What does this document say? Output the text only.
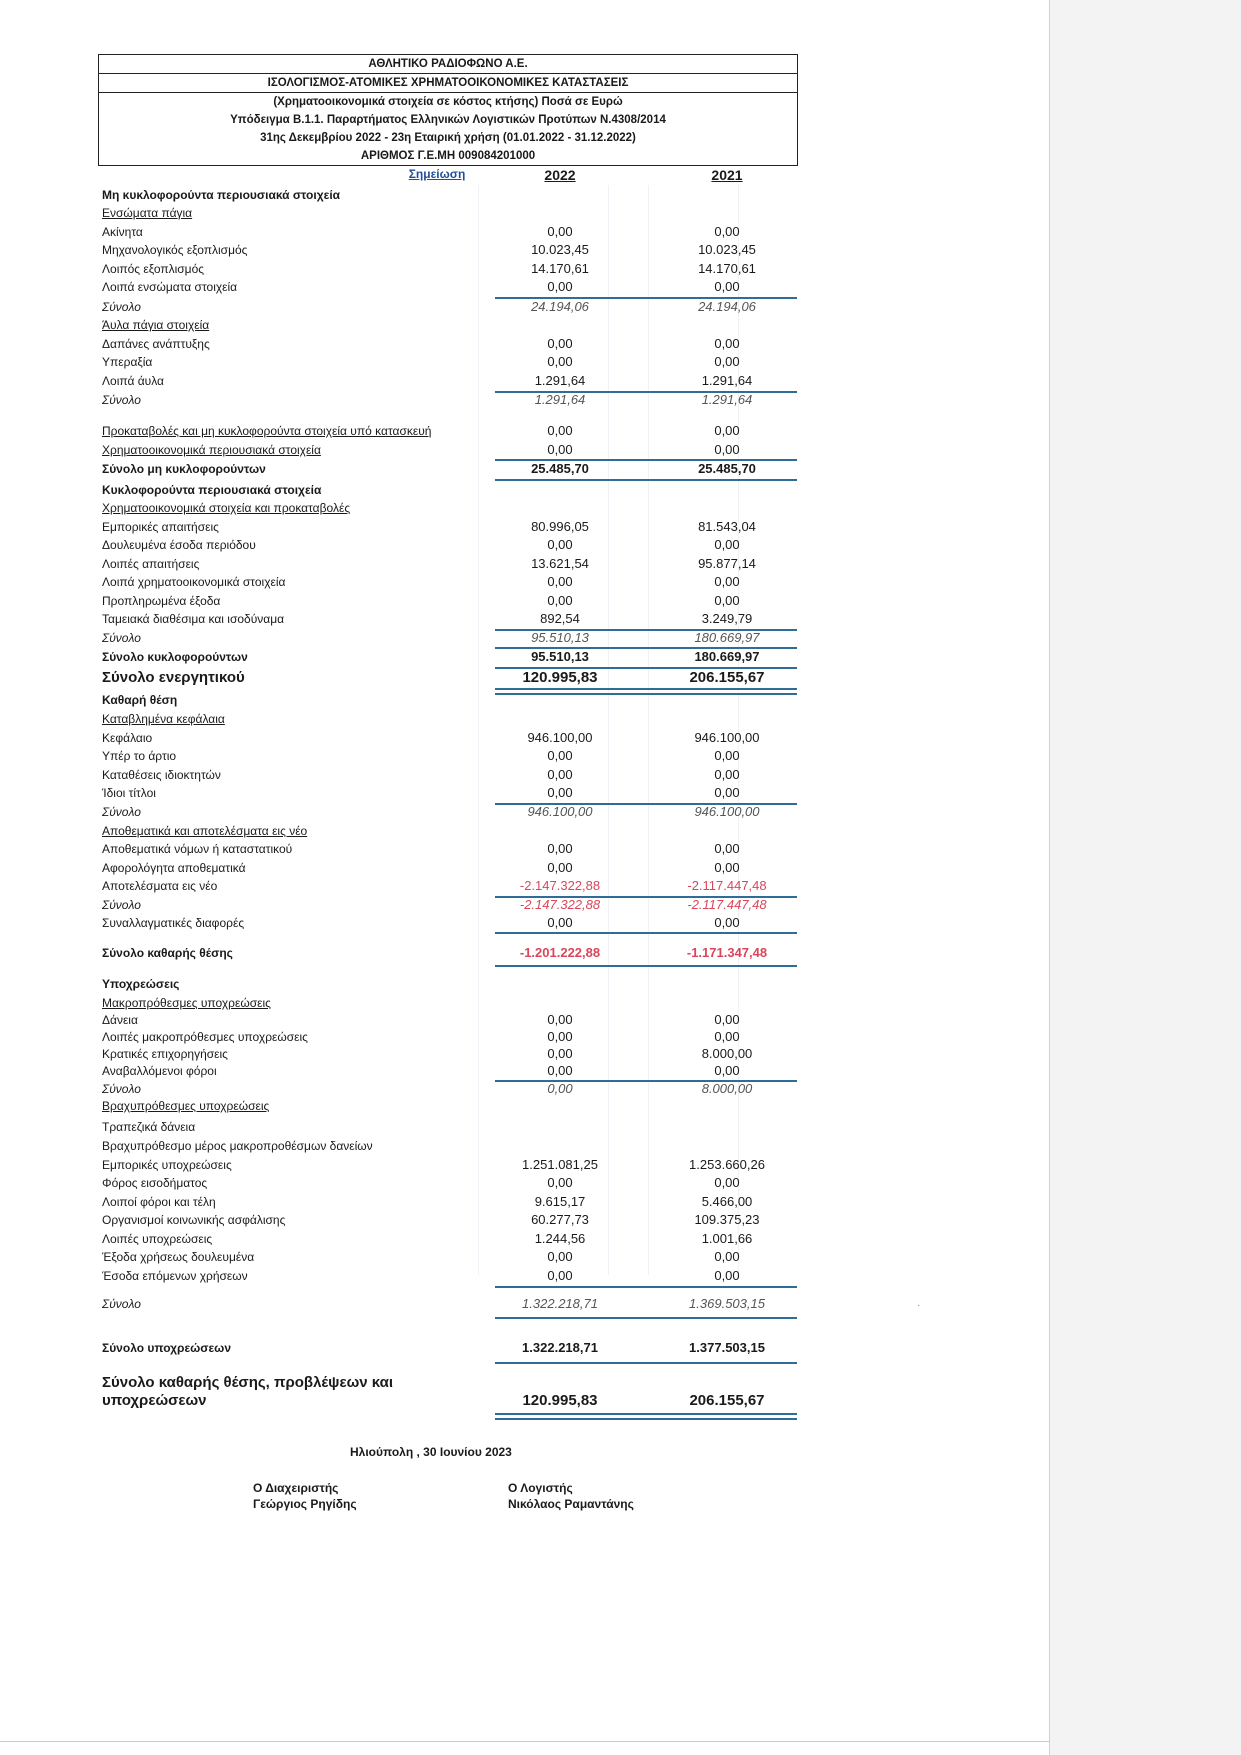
·
ΑΘΛΗΤΙΚΟ ΡΑΔΙΟΦΩΝΟ Α.Ε.
ΙΣΟΛΟΓΙΣΜΟΣ-ΑΤΟΜΙΚΕΣ ΧΡΗΜΑΤΟΟΙΚΟΝΟΜΙΚΕΣ ΚΑΤΑΣΤΑΣΕΙΣ
(Χρηματοοικονομικά στοιχεία σε κόστος κτήσης) Ποσά σε Ευρώ
Υπόδειγμα Β.1.1. Παραρτήματος Ελληνικών Λογιστικών Προτύπων Ν.4308/2014
31ης Δεκεμβρίου 2022 - 23η Εταιρική χρήση (01.01.2022 - 31.12.2022)
ΑΡΙΘΜΟΣ Γ.Ε.ΜΗ 009084201000
Σημείωση	2022	2021
Μη κυκλοφορούντα περιουσιακά στοιχεία
Ενσώματα πάγια
Ακίνητα	0,00	0,00
Μηχανολογικός εξοπλισμός	10.023,45	10.023,45
Λοιπός εξοπλισμός	14.170,61	14.170,61
Λοιπά ενσώματα στοιχεία	0,00	0,00
Σύνολο	24.194,06	24.194,06
Άυλα πάγια στοιχεία
Δαπάνες ανάπτυξης	0,00	0,00
Υπεραξία	0,00	0,00
Λοιπά άυλα	1.291,64	1.291,64
Σύνολο	1.291,64	1.291,64
Προκαταβολές και μη κυκλοφορούντα στοιχεία υπό κατασκευή	0,00	0,00
Χρηματοοικονομικά περιουσιακά στοιχεία	0,00	0,00
Σύνολο μη κυκλοφορούντων	25.485,70	25.485,70
Κυκλοφορούντα περιουσιακά στοιχεία
Χρηματοοικονομικά στοιχεία και προκαταβολές
Εμπορικές απαιτήσεις	80.996,05	81.543,04
Δουλευμένα έσοδα περιόδου	0,00	0,00
Λοιπές απαιτήσεις	13.621,54	95.877,14
Λοιπά χρηματοοικονομικά στοιχεία	0,00	0,00
Προπληρωμένα έξοδα	0,00	0,00
Ταμειακά διαθέσιμα και ισοδύναμα	892,54	3.249,79
Σύνολο	95.510,13	180.669,97
Σύνολο κυκλοφορούντων	95.510,13	180.669,97
Σύνολο ενεργητικού	120.995,83	206.155,67
Καθαρή θέση
Καταβλημένα κεφάλαια
Κεφάλαιο	946.100,00	946.100,00
Υπέρ το άρτιο	0,00	0,00
Καταθέσεις ιδιοκτητών	0,00	0,00
Ίδιοι τίτλοι	0,00	0,00
Σύνολο	946.100,00	946.100,00
Αποθεματικά και αποτελέσματα εις νέο
Αποθεματικά νόμων ή καταστατικού	0,00	0,00
Αφορολόγητα αποθεματικά	0,00	0,00
Αποτελέσματα εις νέο	-2.147.322,88	-2.117.447,48
Σύνολο	-2.147.322,88	-2.117.447,48
Συναλλαγματικές διαφορές	0,00	0,00
Σύνολο καθαρής θέσης	-1.201.222,88	-1.171.347,48
Υποχρεώσεις
Μακροπρόθεσμες υποχρεώσεις
Δάνεια	0,00	0,00
Λοιπές μακροπρόθεσμες υποχρεώσεις	0,00	0,00
Κρατικές επιχορηγήσεις	0,00	8.000,00
Αναβαλλόμενοι φόροι	0,00	0,00
Σύνολο	0,00	8.000,00
Βραχυπρόθεσμες υποχρεώσεις
Τραπεζικά δάνεια
Βραχυπρόθεσμο μέρος μακροπροθέσμων δανείων
Εμπορικές υποχρεώσεις	1.251.081,25	1.253.660,26
Φόρος εισοδήματος	0,00	0,00
Λοιποί φόροι και τέλη	9.615,17	5.466,00
Οργανισμοί κοινωνικής ασφάλισης	60.277,73	109.375,23
Λοιπές υποχρεώσεις	1.244,56	1.001,66
Έξοδα χρήσεως δουλευμένα	0,00	0,00
Έσοδα επόμενων χρήσεων	0,00	0,00
Σύνολο	1.322.218,71	1.369.503,15
Σύνολο υποχρεώσεων	1.322.218,71	1.377.503,15
Σύνολο καθαρής θέσης, προβλέψεων και υποχρεώσεων	120.995,83	206.155,67
Ηλιούπολη , 30 Ιουνίου 2023
Ο Διαχειριστής
Γεώργιος Ρηγίδης
Ο Λογιστής
Νικόλαος Ραμαντάνης
